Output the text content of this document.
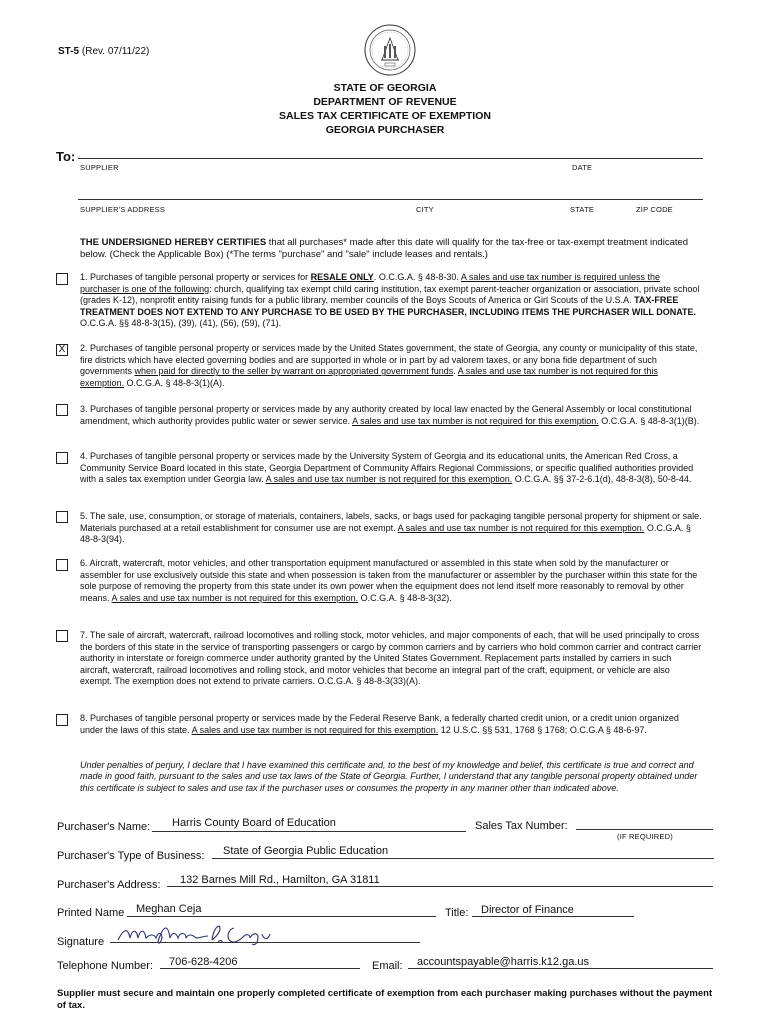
ST-5 (Rev. 07/11/22)
STATE OF GEORGIA
DEPARTMENT OF REVENUE
SALES TAX CERTIFICATE OF EXEMPTION
GEORGIA PURCHASER
To:
SUPPLIER	DATE
SUPPLIER'S ADDRESS	CITY	STATE	ZIP CODE
THE UNDERSIGNED HEREBY CERTIFIES that all purchases* made after this date will qualify for the tax-free or tax-exempt treatment indicated below. (Check the Applicable Box) (*The terms "purchase" and "sale" include leases and rentals.)
1. Purchases of tangible personal property or services for RESALE ONLY. O.C.G.A. § 48-8-30. A sales and use tax number is required unless the purchaser is one of the following: church, qualifying tax exempt child caring institution, tax exempt parent-teacher organization or association, private school (grades K-12), nonprofit entity raising funds for a public library, member councils of the Boys Scouts of America or Girl Scouts of the U.S.A. TAX-FREE TREATMENT DOES NOT EXTEND TO ANY PURCHASE TO BE USED BY THE PURCHASER, INCLUDING ITEMS THE PURCHASER WILL DONATE. O.C.G.A. §§ 48-8-3(15), (39), (41), (56), (59), (71).
X 2. Purchases of tangible personal property or services made by the United States government, the state of Georgia, any county or municipality of this state, fire districts which have elected governing bodies and are supported in whole or in part by ad valorem taxes, or any bona fide department of such governments when paid for directly to the seller by warrant on appropriated government funds. A sales and use tax number is not required for this exemption. O.C.G.A. § 48-8-3(1)(A).
3. Purchases of tangible personal property or services made by any authority created by local law enacted by the General Assembly or local constitutional amendment, which authority provides public water or sewer service. A sales and use tax number is not required for this exemption. O.C.G.A. § 48-8-3(1)(B).
4. Purchases of tangible personal property or services made by the University System of Georgia and its educational units, the American Red Cross, a Community Service Board located in this state, Georgia Department of Community Affairs Regional Commissions, or specific qualified authorities provided with a sales tax exemption under Georgia law. A sales and use tax number is not required for this exemption. O.C.G.A. §§ 37-2-6.1(d), 48-8-3(8), 50-8-44.
5. The sale, use, consumption, or storage of materials, containers, labels, sacks, or bags used for packaging tangible personal property for shipment or sale. Materials purchased at a retail establishment for consumer use are not exempt. A sales and use tax number is not required for this exemption. O.C.G.A. § 48-8-3(94).
6. Aircraft, watercraft, motor vehicles, and other transportation equipment manufactured or assembled in this state when sold by the manufacturer or assembler for use exclusively outside this state and when possession is taken from the manufacturer or assembler by the purchaser within this state for the sole purpose of removing the property from this state under its own power when the equipment does not lend itself more reasonably to removal by other means. A sales and use tax number is not required for this exemption. O.C.G.A. § 48-8-3(32).
7. The sale of aircraft, watercraft, railroad locomotives and rolling stock, motor vehicles, and major components of each, that will be used principally to cross the borders of this state in the service of transporting passengers or cargo by common carriers and by carriers who hold common carrier and contract carrier authority in interstate or foreign commerce under authority granted by the United States Government. Replacement parts installed by carriers in such aircraft, watercraft, railroad locomotives and rolling stock, and motor vehicles that become an integral part of the craft, equipment, or vehicle are also exempt. The exemption does not extend to private carriers. O.C.G.A. § 48-8-3(33)(A).
8. Purchases of tangible personal property or services made by the Federal Reserve Bank, a federally charted credit union, or a credit union organized under the laws of this state. A sales and use tax number is not required for this exemption. 12 U.S.C. §§ 531, 1768 § 1768; O.C.G.A § 48-6-97.
Under penalties of perjury, I declare that I have examined this certificate and, to the best of my knowledge and belief, this certificate is true and correct and made in good faith, pursuant to the sales and use tax laws of the State of Georgia. Further, I understand that any tangible personal property obtained under this certificate is subject to sales and use tax if the purchaser uses or consumes the property in any manner other than indicated above.
Purchaser's Name: Harris County Board of Education	Sales Tax Number:
(IF REQUIRED)
Purchaser's Type of Business: State of Georgia Public Education
Purchaser's Address: 132 Barnes Mill Rd., Hamilton, GA 31811
Printed Name Meghan Ceja	Title: Director of Finance
Signature
Telephone Number: 706-628-4206	Email: accountspayable@harris.k12.ga.us
Supplier must secure and maintain one properly completed certificate of exemption from each purchaser making purchases without the payment of tax.
